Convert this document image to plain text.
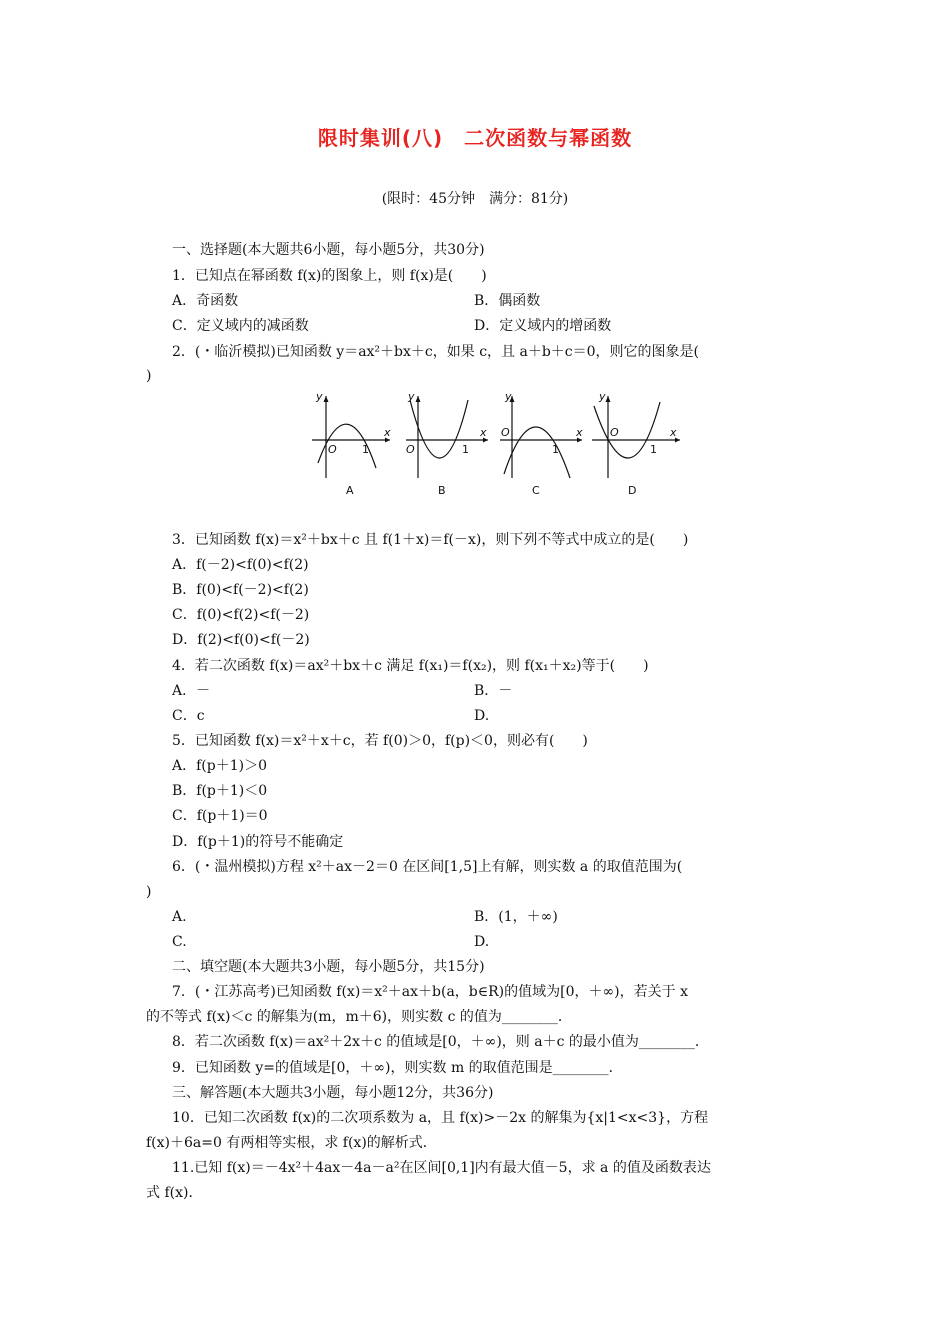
限时集训(八)　二次函数与幂函数
(限时：45分钟　满分：81分)
一、选择题(本大题共6小题，每小题5分，共30分)
1．已知点在幂函数 f(x)的图象上，则 f(x)是(　　)
A．奇函数	B．偶函数
C．定义域内的减函数	D．定义域内的增函数
2．(・临沂模拟)已知函数 y＝ax²＋bx＋c，如果 c，且 a＋b＋c＝0，则它的图象是(
)
y
x
O 1
y
x
O	1
y
x
O
1
y
x
O
1
A	B	C	D
3．已知函数 f(x)＝x²＋bx＋c 且 f(1＋x)＝f(－x)，则下列不等式中成立的是(　　)
A．f(－2)<f(0)<f(2)
B．f(0)<f(－2)<f(2)
C．f(0)<f(2)<f(－2)
D．f(2)<f(0)<f(－2)
4．若二次函数 f(x)＝ax²＋bx＋c 满足 f(x₁)＝f(x₂)，则 f(x₁＋x₂)等于(　　)
A．－	B．－
C．c	D.
5．已知函数 f(x)＝x²＋x＋c，若 f(0)＞0，f(p)＜0，则必有(　　)
A．f(p＋1)＞0
B．f(p＋1)＜0
C．f(p＋1)＝0
D．f(p＋1)的符号不能确定
6．(・温州模拟)方程 x²＋ax－2＝0 在区间[1,5]上有解，则实数 a 的取值范围为(
)
A.	B．(1，＋∞)
C.	D.
二、填空题(本大题共3小题，每小题5分，共15分)
7．(・江苏高考)已知函数 f(x)＝x²＋ax＋b(a，b∈R)的值域为[0，＋∞)，若关于 x
的不等式 f(x)＜c 的解集为(m，m＋6)，则实数 c 的值为________．
8．若二次函数 f(x)＝ax²＋2x＋c 的值域是[0，＋∞)，则 a＋c 的最小值为________．
9．已知函数 y=的值域是[0，＋∞)，则实数 m 的取值范围是________．
三、解答题(本大题共3小题，每小题12分，共36分)
10．已知二次函数 f(x)的二次项系数为 a，且 f(x)>－2x 的解集为{x|1<x<3}，方程
f(x)＋6a=0 有两相等实根，求 f(x)的解析式．
11.已知 f(x)＝－4x²＋4ax－4a－a²在区间[0,1]内有最大值－5，求 a 的值及函数表达
式 f(x)．
